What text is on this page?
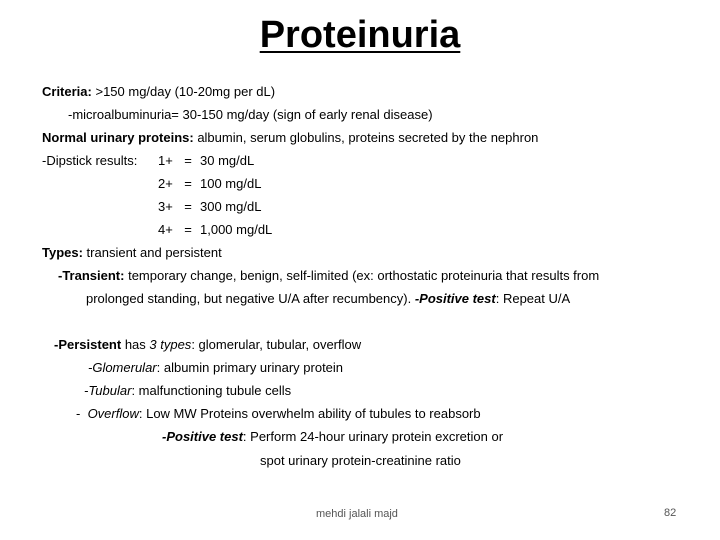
Proteinuria
Criteria: >150 mg/day (10-20mg per dL)
-microalbuminuria= 30-150 mg/day (sign of early renal disease)
Normal urinary proteins: albumin, serum globulins, proteins secreted by the nephron
-Dipstick results: 1+ = 30 mg/dL
2+ = 100 mg/dL
3+ = 300 mg/dL
4+ = 1,000 mg/dL
Types: transient and persistent
-Transient: temporary change, benign, self-limited (ex: orthostatic proteinuria that results from
prolonged standing, but negative U/A after recumbency). -Positive test: Repeat U/A
-Persistent has 3 types: glomerular, tubular, overflow
-Glomerular: albumin primary urinary protein
-Tubular: malfunctioning tubule cells
-  Overflow: Low MW Proteins overwhelm ability of tubules to reabsorb
-Positive test: Perform 24-hour urinary protein excretion or
spot urinary protein-creatinine ratio
mehdi jalali majd	82
